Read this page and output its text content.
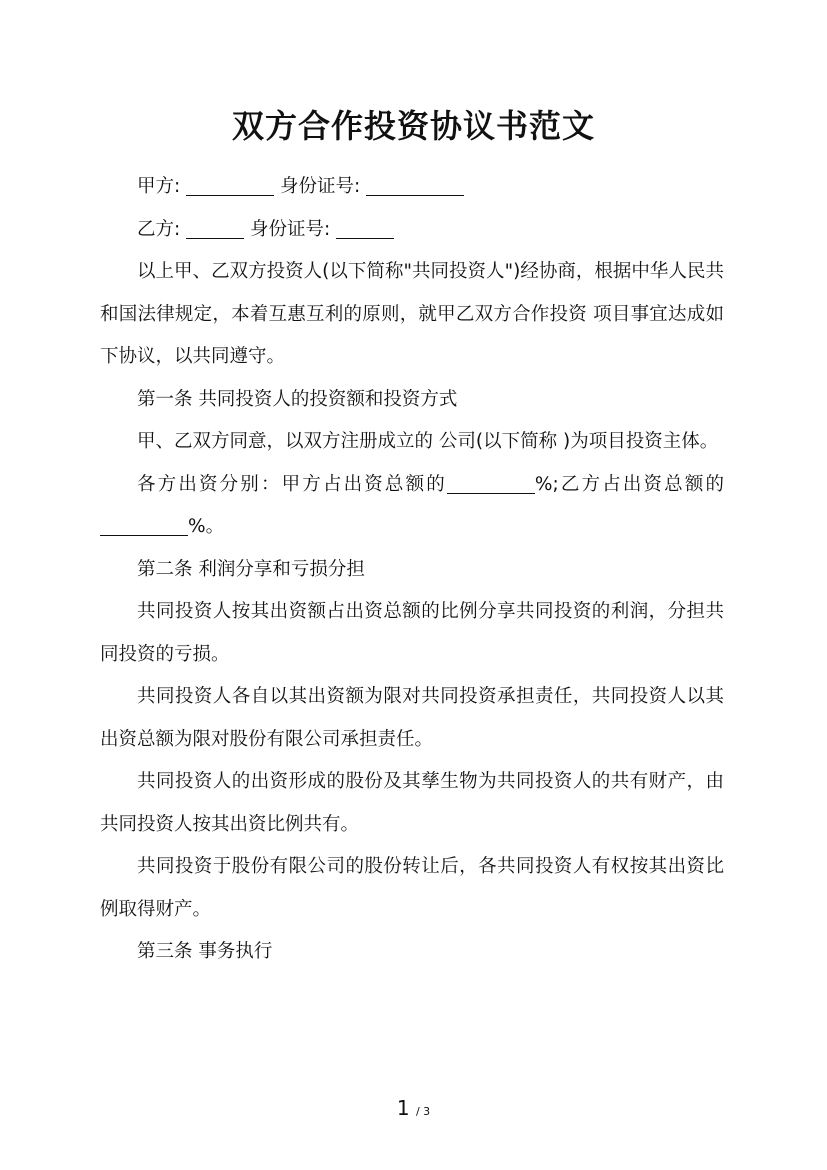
双方合作投资协议书范文

甲方:	身份证号:

乙方:	身份证号:

以上甲、乙双方投资人(以下简称"共同投资人")经协商，根据中华人民共和国法律规定，本着互惠互利的原则，就甲乙双方合作投资 项目事宜达成如下协议，以共同遵守。

第一条 共同投资人的投资额和投资方式

甲、乙双方同意，以双方注册成立的 公司(以下简称 )为项目投资主体。

各方出资分别：甲方占出资总额的	%;乙方占出资总额的%。

第二条 利润分享和亏损分担

共同投资人按其出资额占出资总额的比例分享共同投资的利润，分担共同投资的亏损。

共同投资人各自以其出资额为限对共同投资承担责任，共同投资人以其出资总额为限对股份有限公司承担责任。

共同投资人的出资形成的股份及其孳生物为共同投资人的共有财产，由共同投资人按其出资比例共有。

共同投资于股份有限公司的股份转让后，各共同投资人有权按其出资比例取得财产。

第三条 事务执行

1 / 3
